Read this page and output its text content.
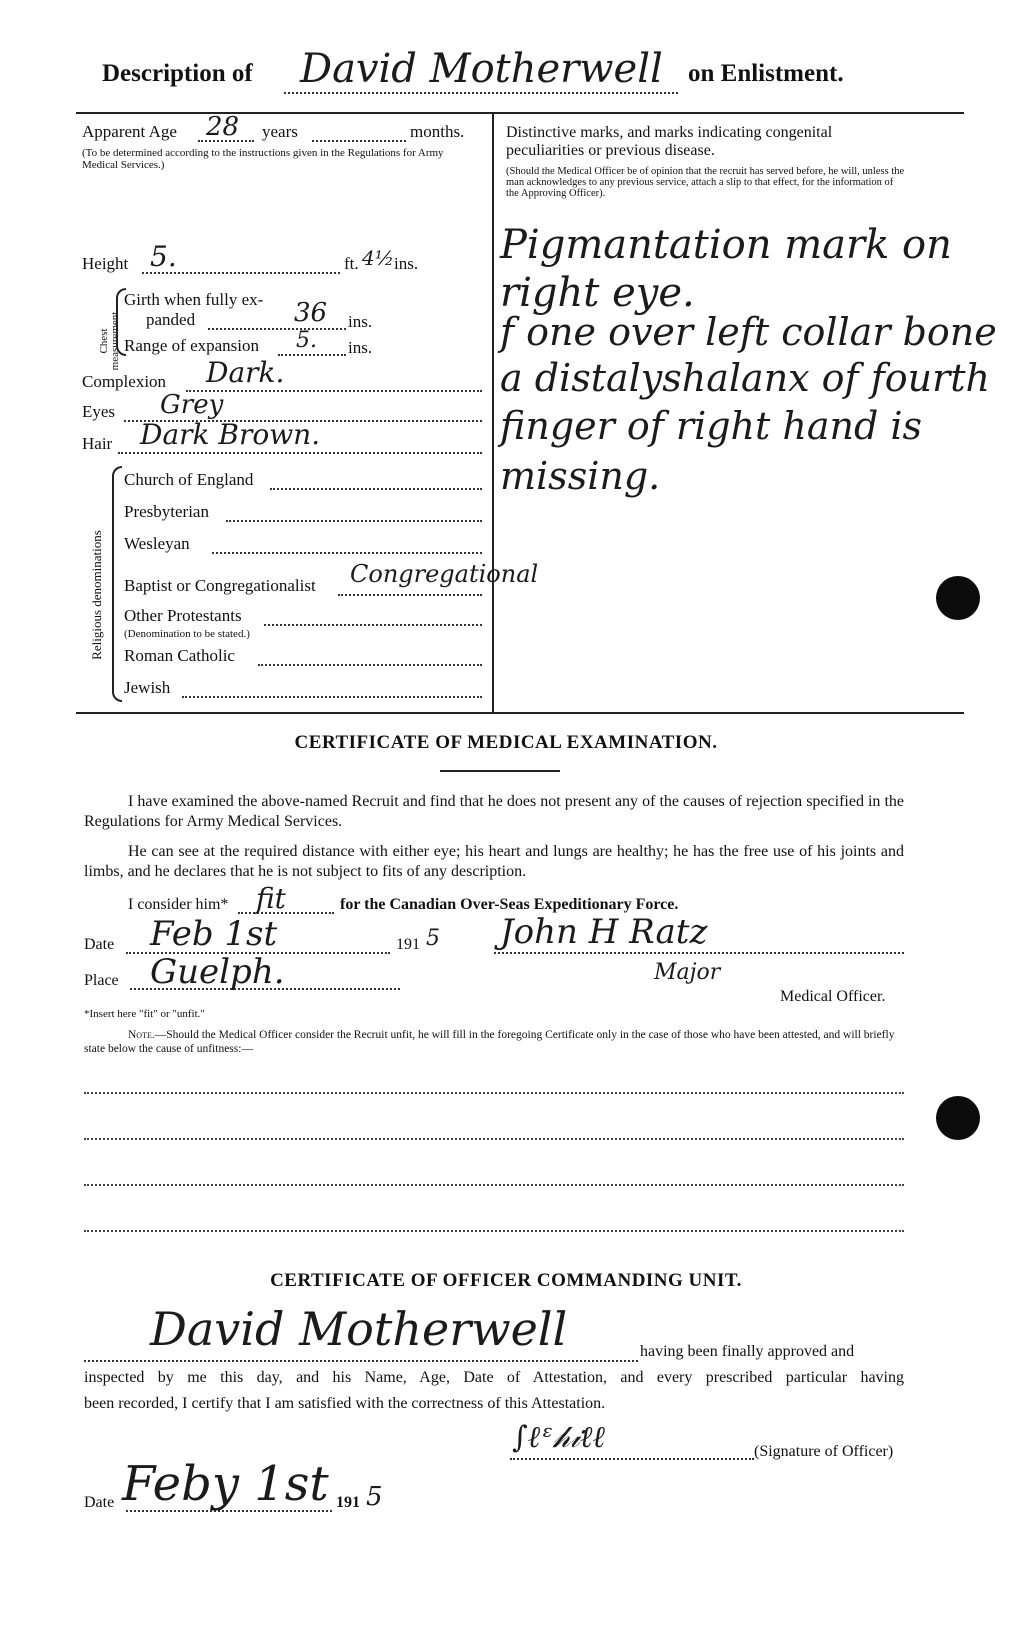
Description of David Motherwell on Enlistment.
Apparent Age 28 years	months.
(To be determined according to the instructions given in the Regulations for Army Medical Services.)
Height 5.	ft. 4½ ins.
Chest measurement
Girth when fully ex-
panded	36 ins.
Range of expansion 5. ins.
Complexion Dark.
Eyes Grey
Hair Dark Brown.
Religious denominations
Church of England
Presbyterian
Wesleyan
Baptist or Congregationalist Congregational
Other Protestants
(Denomination to be stated.)
Roman Catholic
Jewish
Distinctive marks, and marks indicating congenital peculiarities or previous disease.
(Should the Medical Officer be of opinion that the recruit has served before, he will, unless the man acknowledges to any previous service, attach a slip to that effect, for the information of the Approving Officer).
Pigmantation mark on
right eye.
f one over left collar bone
a distalyshalanx of fourth
finger of right hand is
missing.
CERTIFICATE OF MEDICAL EXAMINATION.
I have examined the above-named Recruit and find that he does not present any of the causes of rejection specified in the Regulations for Army Medical Services.
He can see at the required distance with either eye; his heart and lungs are healthy; he has the free use of his joints and limbs, and he declares that he is not subject to fits of any description.
I consider him* fit	for the Canadian Over-Seas Expeditionary Force.
Date Feb 1st	191 5 John H Ratz
Place Guelph.	Major
Medical Officer.
*Insert here "fit" or "unfit."
Note.—Should the Medical Officer consider the Recruit unfit, he will fill in the foregoing Certificate only in the case of those who have been attested, and will briefly state below the cause of unfitness:—
CERTIFICATE OF OFFICER COMMANDING UNIT.
David Motherwell	having been finally approved and
inspected by me this day, and his Name, Age, Date of Attestation, and every prescribed particular having
been recorded, I certify that I am satisfied with the correctness of this Attestation.
∫ℓᵋ𝒽𝒾ℓℓ	(Signature of Officer)
Date Feby 1st 191 5
